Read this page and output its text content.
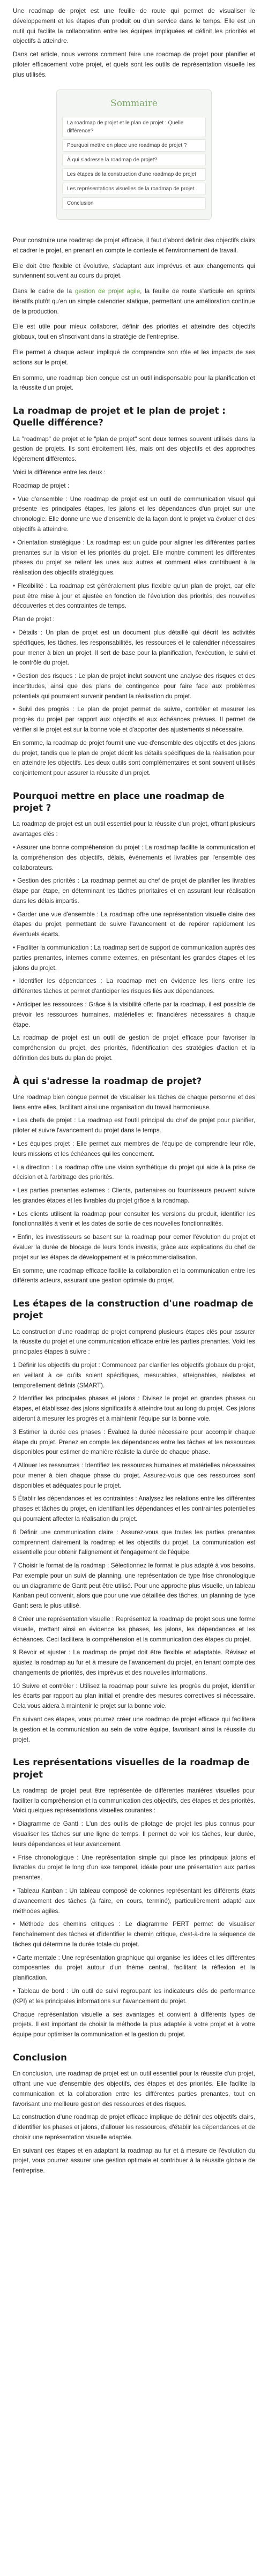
Une roadmap de projet est une feuille de route qui permet de visualiser le développement et les étapes d'un produit ou d'un service dans le temps. Elle est un outil qui facilite la collaboration entre les équipes impliquées et définit les priorités et objectifs à atteindre.

Dans cet article, nous verrons comment faire une roadmap de projet pour planifier et piloter efficacement votre projet, et quels sont les outils de représentation visuelle les plus utilisés.

Sommaire
La roadmap de projet et le plan de projet : Quelle différence?
Pourquoi mettre en place une roadmap de projet ?
À qui s'adresse la roadmap de projet?
Les étapes de la construction d'une roadmap de projet
Les représentations visuelles de la roadmap de projet
Conclusion

Pour construire une roadmap de projet efficace, il faut d'abord définir des objectifs clairs et cadrer le projet, en prenant en compte le contexte et l'environnement de travail.

Elle doit être flexible et évolutive, s'adaptant aux imprévus et aux changements qui surviennent souvent au cours du projet.

Dans le cadre de la gestion de projet agile, la feuille de route s'articule en sprints itératifs plutôt qu'en un simple calendrier statique, permettant une amélioration continue de la production.

Elle est utile pour mieux collaborer, définir des priorités et atteindre des objectifs globaux, tout en s'inscrivant dans la stratégie de l'entreprise.

Elle permet à chaque acteur impliqué de comprendre son rôle et les impacts de ses actions sur le projet.

En somme, une roadmap bien conçue est un outil indispensable pour la planification et la réussite d'un projet.

La roadmap de projet et le plan de projet : Quelle différence?

La "roadmap" de projet et le "plan de projet" sont deux termes souvent utilisés dans la gestion de projets. Ils sont étroitement liés, mais ont des objectifs et des approches légèrement différentes.

Voici la différence entre les deux :

Roadmap de projet :

• Vue d'ensemble : Une roadmap de projet est un outil de communication visuel qui présente les principales étapes, les jalons et les dépendances d'un projet sur une chronologie. Elle donne une vue d'ensemble de la façon dont le projet va évoluer et des objectifs à atteindre.

• Orientation stratégique : La roadmap est un guide pour aligner les différentes parties prenantes sur la vision et les priorités du projet. Elle montre comment les différentes phases du projet se relient les unes aux autres et comment elles contribuent à la réalisation des objectifs stratégiques.

• Flexibilité : La roadmap est généralement plus flexible qu'un plan de projet, car elle peut être mise à jour et ajustée en fonction de l'évolution des priorités, des nouvelles découvertes et des contraintes de temps.

Plan de projet :

• Détails : Un plan de projet est un document plus détaillé qui décrit les activités spécifiques, les tâches, les responsabilités, les ressources et le calendrier nécessaires pour mener à bien un projet. Il sert de base pour la planification, l'exécution, le suivi et le contrôle du projet.

• Gestion des risques : Le plan de projet inclut souvent une analyse des risques et des incertitudes, ainsi que des plans de contingence pour faire face aux problèmes potentiels qui pourraient survenir pendant la réalisation du projet.

• Suivi des progrès : Le plan de projet permet de suivre, contrôler et mesurer les progrès du projet par rapport aux objectifs et aux échéances prévues. Il permet de vérifier si le projet est sur la bonne voie et d'apporter des ajustements si nécessaire.

En somme, la roadmap de projet fournit une vue d'ensemble des objectifs et des jalons du projet, tandis que le plan de projet décrit les détails spécifiques de la réalisation pour en atteindre les objectifs. Les deux outils sont complémentaires et sont souvent utilisés conjointement pour assurer la réussite d'un projet.

Pourquoi mettre en place une roadmap de projet ?

La roadmap de projet est un outil essentiel pour la réussite d'un projet, offrant plusieurs avantages clés :

• Assurer une bonne compréhension du projet : La roadmap facilite la communication et la compréhension des objectifs, délais, événements et livrables par l'ensemble des collaborateurs.

• Gestion des priorités : La roadmap permet au chef de projet de planifier les livrables étape par étape, en déterminant les tâches prioritaires et en assurant leur réalisation dans les délais impartis.

• Garder une vue d'ensemble : La roadmap offre une représentation visuelle claire des étapes du projet, permettant de suivre l'avancement et de repérer rapidement les éventuels écarts.

• Faciliter la communication : La roadmap sert de support de communication auprès des parties prenantes, internes comme externes, en présentant les grandes étapes et les jalons du projet.

• Identifier les dépendances : La roadmap met en évidence les liens entre les différentes tâches et permet d'anticiper les risques liés aux dépendances.

• Anticiper les ressources : Grâce à la visibilité offerte par la roadmap, il est possible de prévoir les ressources humaines, matérielles et financières nécessaires à chaque étape.

La roadmap de projet est un outil de gestion de projet efficace pour favoriser la compréhension du projet, des priorités, l'identification des stratégies d'action et la définition des buts du plan de projet.

À qui s'adresse la roadmap de projet?

Une roadmap bien conçue permet de visualiser les tâches de chaque personne et des liens entre elles, facilitant ainsi une organisation du travail harmonieuse.

• Les chefs de projet : La roadmap est l'outil principal du chef de projet pour planifier, piloter et suivre l'avancement du projet dans le temps.

• Les équipes projet : Elle permet aux membres de l'équipe de comprendre leur rôle, leurs missions et les échéances qui les concernent.

• La direction : La roadmap offre une vision synthétique du projet qui aide à la prise de décision et à l'arbitrage des priorités.

• Les parties prenantes externes : Clients, partenaires ou fournisseurs peuvent suivre les grandes étapes et les livrables du projet grâce à la roadmap.

• Les clients utilisent la roadmap pour consulter les versions du produit, identifier les fonctionnalités à venir et les dates de sortie de ces nouvelles fonctionnalités.

• Enfin, les investisseurs se basent sur la roadmap pour cerner l'évolution du projet et évaluer la durée de blocage de leurs fonds investis, grâce aux explications du chef de projet sur les étapes de développement et la précommercialisation.

En somme, une roadmap efficace facilite la collaboration et la communication entre les différents acteurs, assurant une gestion optimale du projet.

Les étapes de la construction d'une roadmap de projet

La construction d'une roadmap de projet comprend plusieurs étapes clés pour assurer la réussite du projet et une communication efficace entre les parties prenantes. Voici les principales étapes à suivre :

1 Définir les objectifs du projet : Commencez par clarifier les objectifs globaux du projet, en veillant à ce qu'ils soient spécifiques, mesurables, atteignables, réalistes et temporellement définis (SMART).

2 Identifier les principales phases et jalons : Divisez le projet en grandes phases ou étapes, et établissez des jalons significatifs à atteindre tout au long du projet. Ces jalons aideront à mesurer les progrès et à maintenir l'équipe sur la bonne voie.

3 Estimer la durée des phases : Évaluez la durée nécessaire pour accomplir chaque étape du projet. Prenez en compte les dépendances entre les tâches et les ressources disponibles pour estimer de manière réaliste la durée de chaque phase.

4 Allouer les ressources : Identifiez les ressources humaines et matérielles nécessaires pour mener à bien chaque phase du projet. Assurez-vous que ces ressources sont disponibles et adéquates pour le projet.

5 Établir les dépendances et les contraintes : Analysez les relations entre les différentes phases et tâches du projet, en identifiant les dépendances et les contraintes potentielles qui pourraient affecter la réalisation du projet.

6 Définir une communication claire : Assurez-vous que toutes les parties prenantes comprennent clairement la roadmap et les objectifs du projet. La communication est essentielle pour obtenir l'alignement et l'engagement de l'équipe.

7 Choisir le format de la roadmap : Sélectionnez le format le plus adapté à vos besoins. Par exemple pour un suivi de planning, une représentation de type frise chronologique ou un diagramme de Gantt peut être utilisé. Pour une approche plus visuelle, un tableau Kanban peut convenir, alors que pour une vue détaillée des tâches, un planning de type Gantt sera le plus utilisé.

8 Créer une représentation visuelle : Représentez la roadmap de projet sous une forme visuelle, mettant ainsi en évidence les phases, les jalons, les dépendances et les échéances. Ceci facilitera la compréhension et la communication des étapes du projet.

9 Revoir et ajuster : La roadmap de projet doit être flexible et adaptable. Révisez et ajustez la roadmap au fur et à mesure de l'avancement du projet, en tenant compte des changements de priorités, des imprévus et des nouvelles informations.

10 Suivre et contrôler : Utilisez la roadmap pour suivre les progrès du projet, identifier les écarts par rapport au plan initial et prendre des mesures correctives si nécessaire. Cela vous aidera à maintenir le projet sur la bonne voie.

En suivant ces étapes, vous pourrez créer une roadmap de projet efficace qui facilitera la gestion et la communication au sein de votre équipe, favorisant ainsi la réussite du projet.

Les représentations visuelles de la roadmap de projet

La roadmap de projet peut être représentée de différentes manières visuelles pour faciliter la compréhension et la communication des objectifs, des étapes et des priorités. Voici quelques représentations visuelles courantes :

• Diagramme de Gantt : L'un des outils de pilotage de projet les plus connus pour visualiser les tâches sur une ligne de temps. Il permet de voir les tâches, leur durée, leurs dépendances et leur avancement.

• Frise chronologique : Une représentation simple qui place les principaux jalons et livrables du projet le long d'un axe temporel, idéale pour une présentation aux parties prenantes.

• Tableau Kanban : Un tableau composé de colonnes représentant les différents états d'avancement des tâches (à faire, en cours, terminé), particulièrement adapté aux méthodes agiles.

• Méthode des chemins critiques : Le diagramme PERT permet de visualiser l'enchaînement des tâches et d'identifier le chemin critique, c'est-à-dire la séquence de tâches qui détermine la durée totale du projet.

• Carte mentale : Une représentation graphique qui organise les idées et les différentes composantes du projet autour d'un thème central, facilitant la réflexion et la planification.

• Tableau de bord : Un outil de suivi regroupant les indicateurs clés de performance (KPI) et les principales informations sur l'avancement du projet.

Chaque représentation visuelle a ses avantages et convient à différents types de projets. Il est important de choisir la méthode la plus adaptée à votre projet et à votre équipe pour optimiser la communication et la gestion du projet.

Conclusion

En conclusion, une roadmap de projet est un outil essentiel pour la réussite d'un projet, offrant une vue d'ensemble des objectifs, des étapes et des priorités. Elle facilite la communication et la collaboration entre les différentes parties prenantes, tout en favorisant une meilleure gestion des ressources et des risques.

La construction d'une roadmap de projet efficace implique de définir des objectifs clairs, d'identifier les phases et jalons, d'allouer les ressources, d'établir les dépendances et de choisir une représentation visuelle adaptée.

En suivant ces étapes et en adaptant la roadmap au fur et à mesure de l'évolution du projet, vous pourrez assurer une gestion optimale et contribuer à la réussite globale de l'entreprise.
